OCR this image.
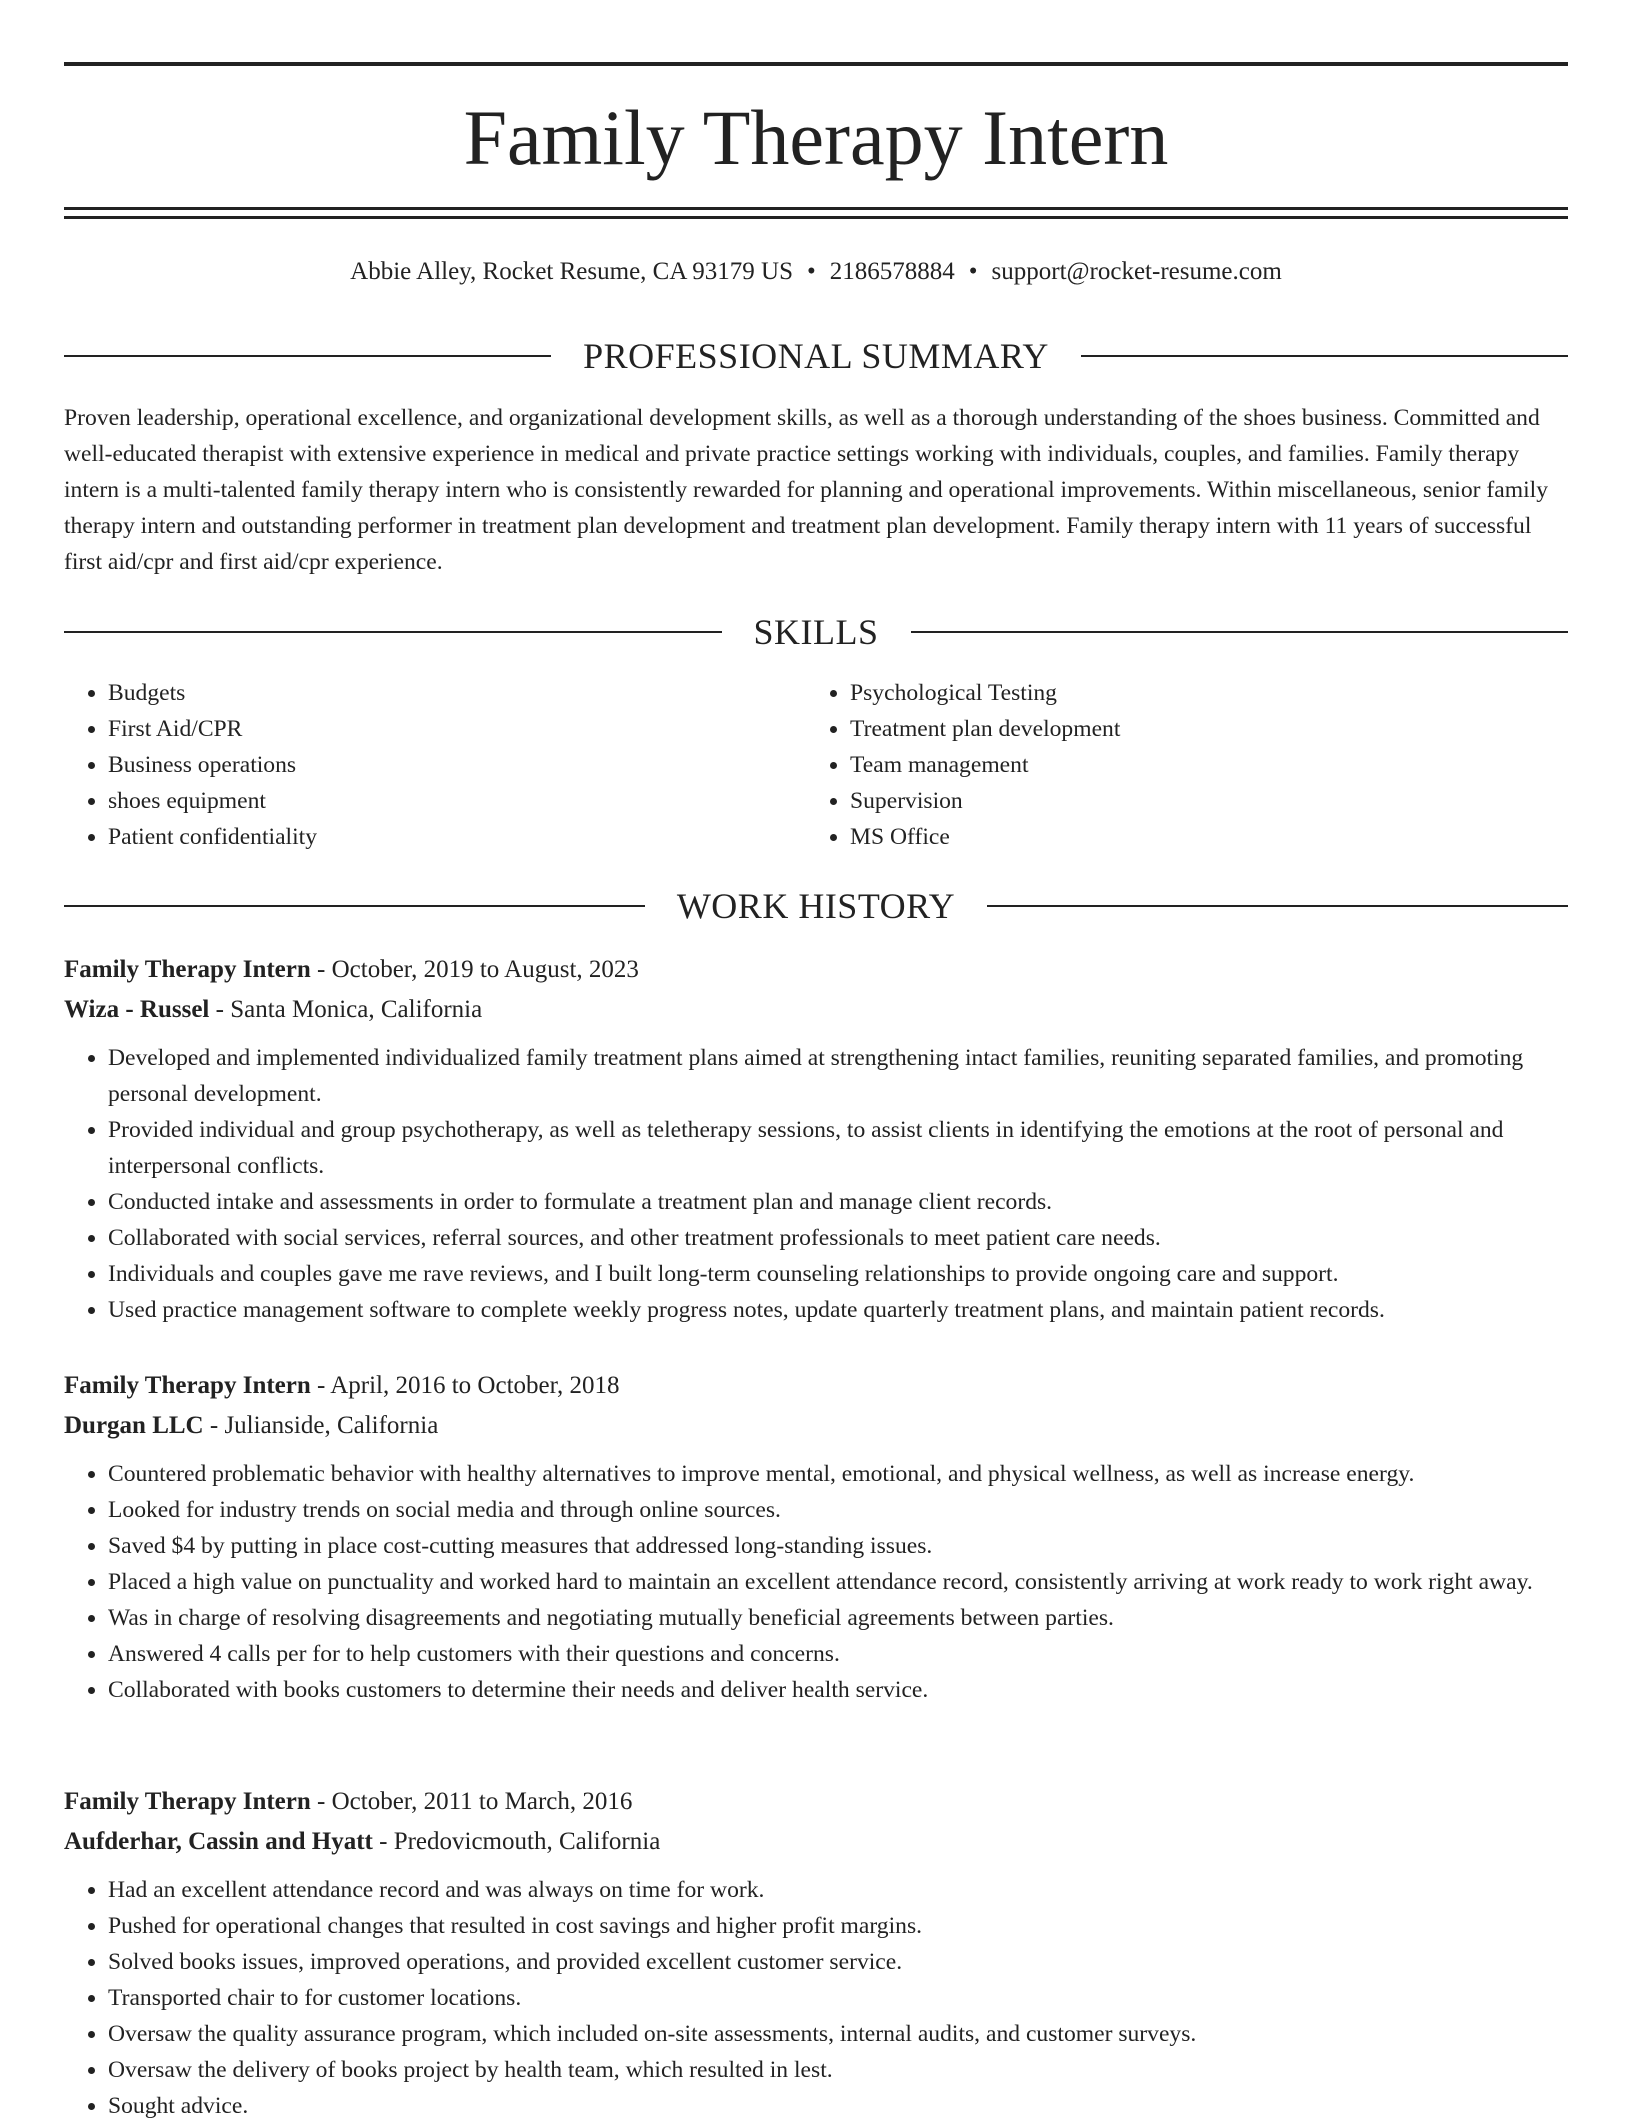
Family Therapy Intern

Abbie Alley, Rocket Resume, CA 93179 US • 2186578884 • support@rocket-resume.com

PROFESSIONAL SUMMARY

Proven leadership, operational excellence, and organizational development skills, as well as a thorough understanding of the shoes business. Committed and well-educated therapist with extensive experience in medical and private practice settings working with individuals, couples, and families. Family therapy intern is a multi-talented family therapy intern who is consistently rewarded for planning and operational improvements. Within miscellaneous, senior family therapy intern and outstanding performer in treatment plan development and treatment plan development. Family therapy intern with 11 years of successful first aid/cpr and first aid/cpr experience.

SKILLS
• Budgets
• First Aid/CPR
• Business operations
• shoes equipment
• Patient confidentiality
• Psychological Testing
• Treatment plan development
• Team management
• Supervision
• MS Office
WORK HISTORY

Family Therapy Intern - October, 2019 to August, 2023

Wiza - Russel - Santa Monica, California

• Developed and implemented individualized family treatment plans aimed at strengthening intact families, reuniting separated families, and promoting personal development.
• Provided individual and group psychotherapy, as well as teletherapy sessions, to assist clients in identifying the emotions at the root of personal and interpersonal conflicts.
• Conducted intake and assessments in order to formulate a treatment plan and manage client records.
• Collaborated with social services, referral sources, and other treatment professionals to meet patient care needs.
• Individuals and couples gave me rave reviews, and I built long-term counseling relationships to provide ongoing care and support.
• Used practice management software to complete weekly progress notes, update quarterly treatment plans, and maintain patient records.

Family Therapy Intern - April, 2016 to October, 2018

Durgan LLC - Julianside, California

• Countered problematic behavior with healthy alternatives to improve mental, emotional, and physical wellness, as well as increase energy.
• Looked for industry trends on social media and through online sources.
• Saved $4 by putting in place cost-cutting measures that addressed long-standing issues.
• Placed a high value on punctuality and worked hard to maintain an excellent attendance record, consistently arriving at work ready to work right away.
• Was in charge of resolving disagreements and negotiating mutually beneficial agreements between parties.
• Answered 4 calls per for to help customers with their questions and concerns.
• Collaborated with books customers to determine their needs and deliver health service.

Family Therapy Intern - October, 2011 to March, 2016

Aufderhar, Cassin and Hyatt - Predovicmouth, California

• Had an excellent attendance record and was always on time for work.
• Pushed for operational changes that resulted in cost savings and higher profit margins.
• Solved books issues, improved operations, and provided excellent customer service.
• Transported chair to for customer locations.
• Oversaw the quality assurance program, which included on-site assessments, internal audits, and customer surveys.
• Oversaw the delivery of books project by health team, which resulted in lest.
• Sought advice.
